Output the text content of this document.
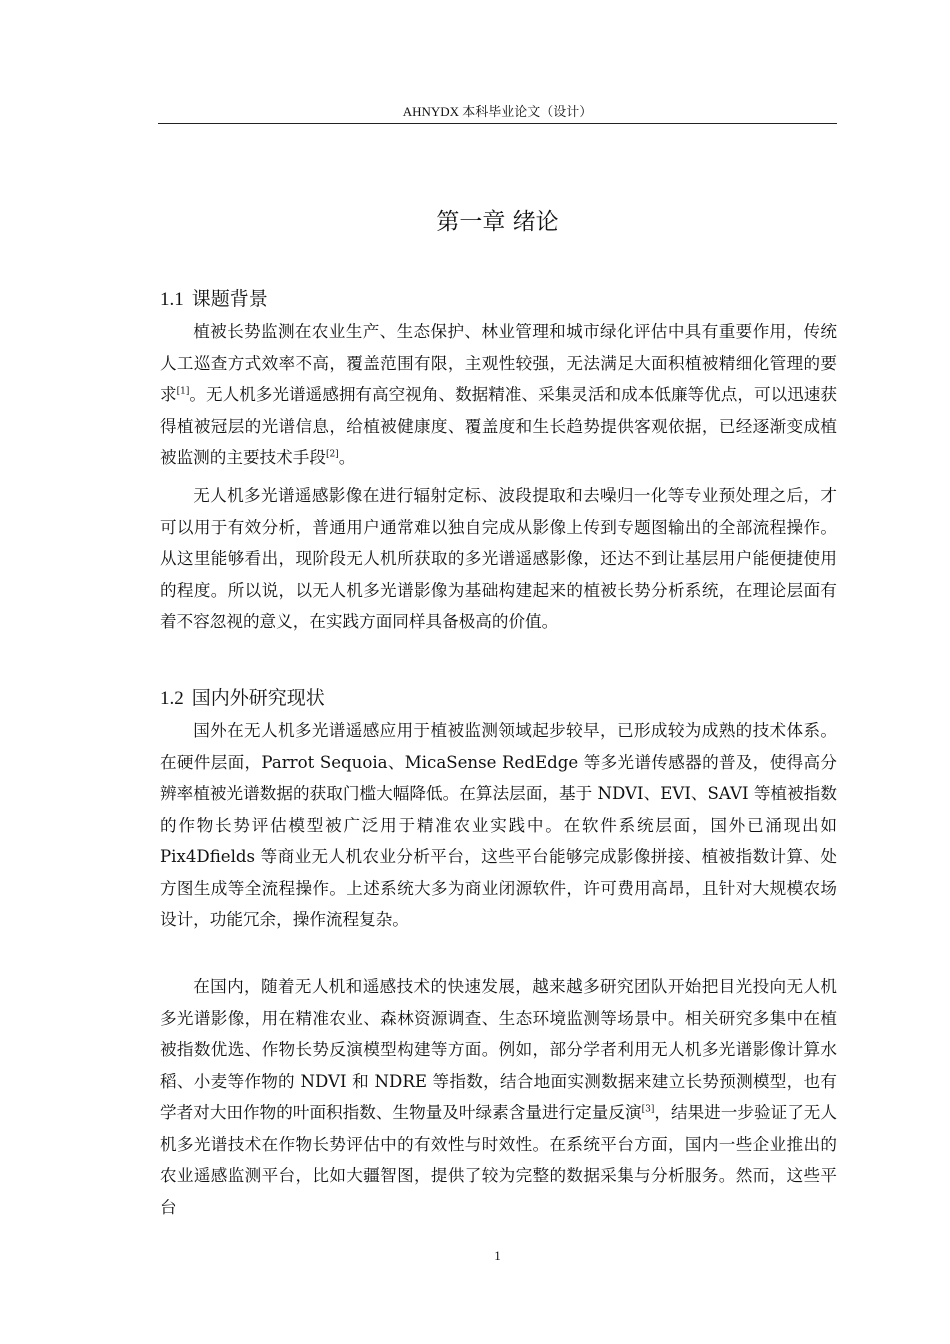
AHNYDX 本科毕业论文（设计）
第一章 绪论
1.1 课题背景

植被长势监测在农业生产、生态保护、林业管理和城市绿化评估中具有重要作用，传统人工巡查方式效率不高，覆盖范围有限，主观性较强，无法满足大面积植被精细化管理的要求[1]。无人机多光谱遥感拥有高空视角、数据精准、采集灵活和成本低廉等优点，可以迅速获得植被冠层的光谱信息，给植被健康度、覆盖度和生长趋势提供客观依据，已经逐渐变成植被监测的主要技术手段[2]。

无人机多光谱遥感影像在进行辐射定标、波段提取和去噪归一化等专业预处理之后，才可以用于有效分析，普通用户通常难以独自完成从影像上传到专题图输出的全部流程操作。从这里能够看出，现阶段无人机所获取的多光谱遥感影像，还达不到让基层用户能便捷使用的程度。所以说，以无人机多光谱影像为基础构建起来的植被长势分析系统，在理论层面有着不容忽视的意义，在实践方面同样具备极高的价值。

1.2 国内外研究现状

国外在无人机多光谱遥感应用于植被监测领域起步较早，已形成较为成熟的技术体系。在硬件层面，Parrot Sequoia、MicaSense RedEdge 等多光谱传感器的普及，使得高分辨率植被光谱数据的获取门槛大幅降低。在算法层面，基于 NDVI、EVI、SAVI 等植被指数的作物长势评估模型被广泛用于精准农业实践中。在软件系统层面，国外已涌现出如 Pix4Dfields 等商业无人机农业分析平台，这些平台能够完成影像拼接、植被指数计算、处方图生成等全流程操作。上述系统大多为商业闭源软件，许可费用高昂，且针对大规模农场设计，功能冗余，操作流程复杂。

在国内，随着无人机和遥感技术的快速发展，越来越多研究团队开始把目光投向无人机多光谱影像，用在精准农业、森林资源调查、生态环境监测等场景中。相关研究多集中在植被指数优选、作物长势反演模型构建等方面。例如，部分学者利用无人机多光谱影像计算水稻、小麦等作物的 NDVI 和 NDRE 等指数，结合地面实测数据来建立长势预测模型，也有学者对大田作物的叶面积指数、生物量及叶绿素含量进行定量反演[3]，结果进一步验证了无人机多光谱技术在作物长势评估中的有效性与时效性。在系统平台方面，国内一些企业推出的农业遥感监测平台，比如大疆智图，提供了较为完整的数据采集与分析服务。然而，这些平台

1
